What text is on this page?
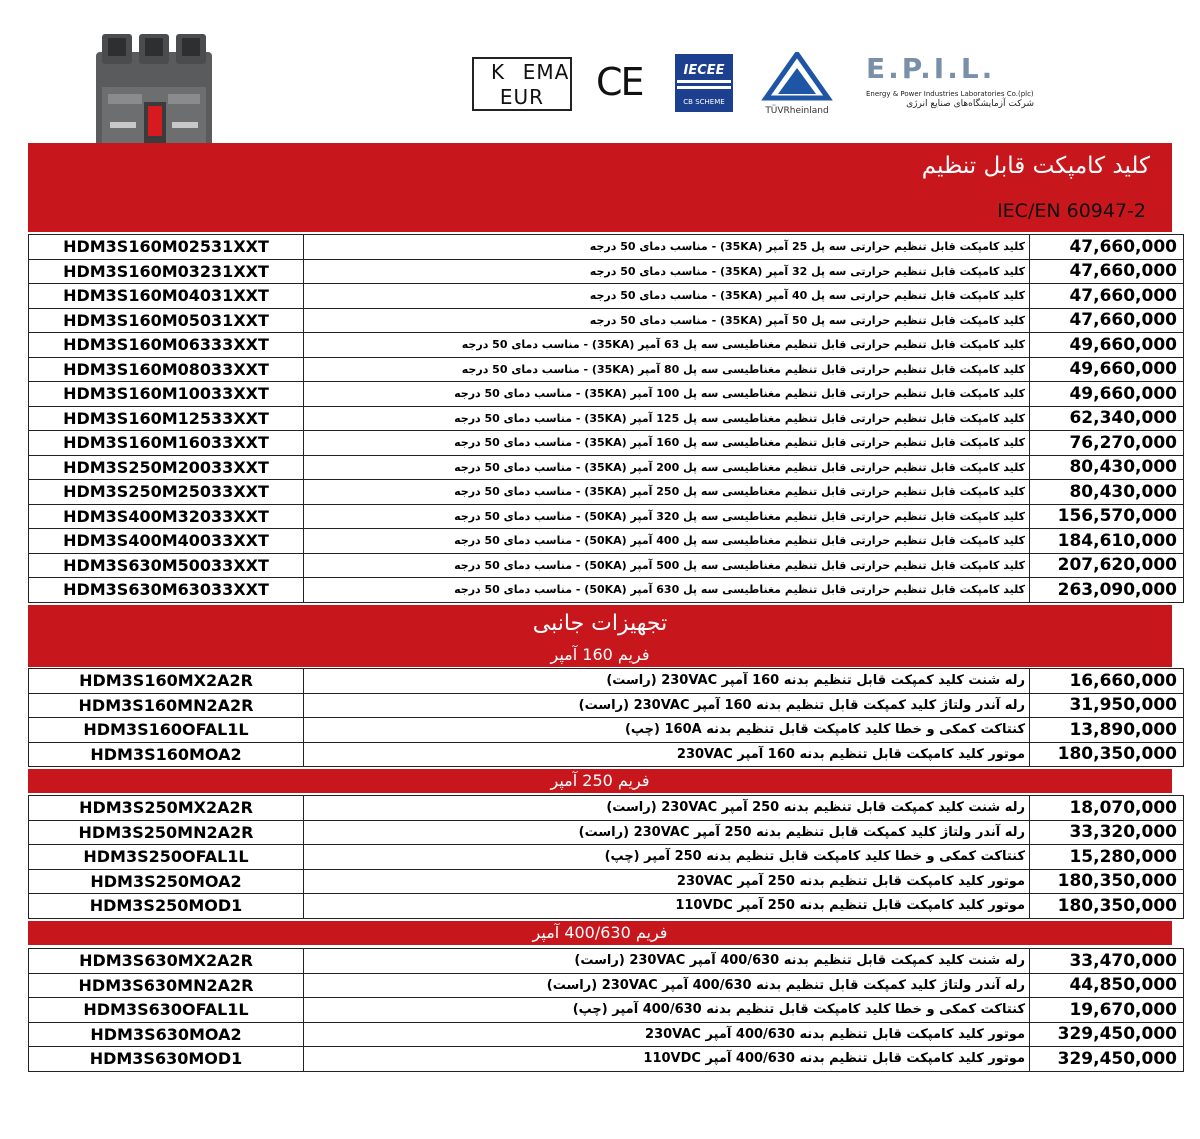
K EMA
EUR CE	IECEE
CB SCHEME
TÜVRheinland
E.P.I.L.
Energy & Power Industries Laboratories Co.(plc)
شرکت آزمایشگاه‌های صنایع انرژی
کلید کامپکت قابل تنظیم
IEC/EN 60947-2
HDM3S160M02531XXT	کلید کامپکت قابل تنظیم حرارتی سه پل 25 آمپر (35KA) - مناسب دمای 50 درجه	47,660,000
HDM3S160M03231XXT	کلید کامپکت قابل تنظیم حرارتی سه پل 32 آمپر (35KA) - مناسب دمای 50 درجه	47,660,000
HDM3S160M04031XXT	کلید کامپکت قابل تنظیم حرارتی سه پل 40 آمپر (35KA) - مناسب دمای 50 درجه	47,660,000
HDM3S160M05031XXT	کلید کامپکت قابل تنظیم حرارتی سه پل 50 آمپر (35KA) - مناسب دمای 50 درجه	47,660,000
HDM3S160M06333XXT	کلید کامپکت قابل تنظیم حرارتی قابل تنظیم مغناطیسی سه پل 63 آمپر (35KA) - مناسب دمای 50 درجه	49,660,000
HDM3S160M08033XXT	کلید کامپکت قابل تنظیم حرارتی قابل تنظیم مغناطیسی سه پل 80 آمپر (35KA) - مناسب دمای 50 درجه	49,660,000
HDM3S160M10033XXT	کلید کامپکت قابل تنظیم حرارتی قابل تنظیم مغناطیسی سه پل 100 آمپر (35KA) - مناسب دمای 50 درجه	49,660,000
HDM3S160M12533XXT	کلید کامپکت قابل تنظیم حرارتی قابل تنظیم مغناطیسی سه پل 125 آمپر (35KA) - مناسب دمای 50 درجه	62,340,000
HDM3S160M16033XXT	کلید کامپکت قابل تنظیم حرارتی قابل تنظیم مغناطیسی سه پل 160 آمپر (35KA) - مناسب دمای 50 درجه	76,270,000
HDM3S250M20033XXT	کلید کامپکت قابل تنظیم حرارتی قابل تنظیم مغناطیسی سه پل 200 آمپر (35KA) - مناسب دمای 50 درجه	80,430,000
HDM3S250M25033XXT	کلید کامپکت قابل تنظیم حرارتی قابل تنظیم مغناطیسی سه پل 250 آمپر (35KA) - مناسب دمای 50 درجه	80,430,000
HDM3S400M32033XXT	کلید کامپکت قابل تنظیم حرارتی قابل تنظیم مغناطیسی سه پل 320 آمپر (50KA) - مناسب دمای 50 درجه	156,570,000
HDM3S400M40033XXT	کلید کامپکت قابل تنظیم حرارتی قابل تنظیم مغناطیسی سه پل 400 آمپر (50KA) - مناسب دمای 50 درجه	184,610,000
HDM3S630M50033XXT	کلید کامپکت قابل تنظیم حرارتی قابل تنظیم مغناطیسی سه پل 500 آمپر (50KA) - مناسب دمای 50 درجه	207,620,000
HDM3S630M63033XXT	کلید کامپکت قابل تنظیم حرارتی قابل تنظیم مغناطیسی سه پل 630 آمپر (50KA) - مناسب دمای 50 درجه	263,090,000
تجهیزات جانبی
فریم 160 آمپر
HDM3S160MX2A2R	رله شنت کلید کمپکت قابل تنظیم بدنه 160 آمپر 230VAC (راست)	16,660,000
HDM3S160MN2A2R	رله آندر ولتاژ کلید کمپکت قابل تنظیم بدنه 160 آمپر 230VAC (راست)	31,950,000
HDM3S160OFAL1L	کنتاکت کمکی و خطا کلید کامپکت قابل تنظیم بدنه 160A (چپ)	13,890,000
HDM3S160MOA2	موتور کلید کامپکت قابل تنظیم بدنه 160 آمپر 230VAC	180,350,000
فریم 250 آمپر
HDM3S250MX2A2R	رله شنت کلید کمپکت قابل تنظیم بدنه 250 آمپر 230VAC (راست)	18,070,000
HDM3S250MN2A2R	رله آندر ولتاژ کلید کمپکت قابل تنظیم بدنه 250 آمپر 230VAC (راست)	33,320,000
HDM3S250OFAL1L	کنتاکت کمکی و خطا کلید کامپکت قابل تنظیم بدنه 250 آمپر (چپ)	15,280,000
HDM3S250MOA2	موتور کلید کامپکت قابل تنظیم بدنه 250 آمپر 230VAC	180,350,000
HDM3S250MOD1	موتور کلید کامپکت قابل تنظیم بدنه 250 آمپر 110VDC	180,350,000
فریم 400/630 آمپر
HDM3S630MX2A2R	رله شنت کلید کمپکت قابل تنظیم بدنه 400/630 آمپر 230VAC (راست)	33,470,000
HDM3S630MN2A2R	رله آندر ولتاژ کلید کمپکت قابل تنظیم بدنه 400/630 آمپر 230VAC (راست)	44,850,000
HDM3S630OFAL1L	کنتاکت کمکی و خطا کلید کامپکت قابل تنظیم بدنه 400/630 آمپر (چپ)	19,670,000
HDM3S630MOA2	موتور کلید کامپکت قابل تنظیم بدنه 400/630 آمپر 230VAC	329,450,000
HDM3S630MOD1	موتور کلید کامپکت قابل تنظیم بدنه 400/630 آمپر 110VDC	329,450,000
